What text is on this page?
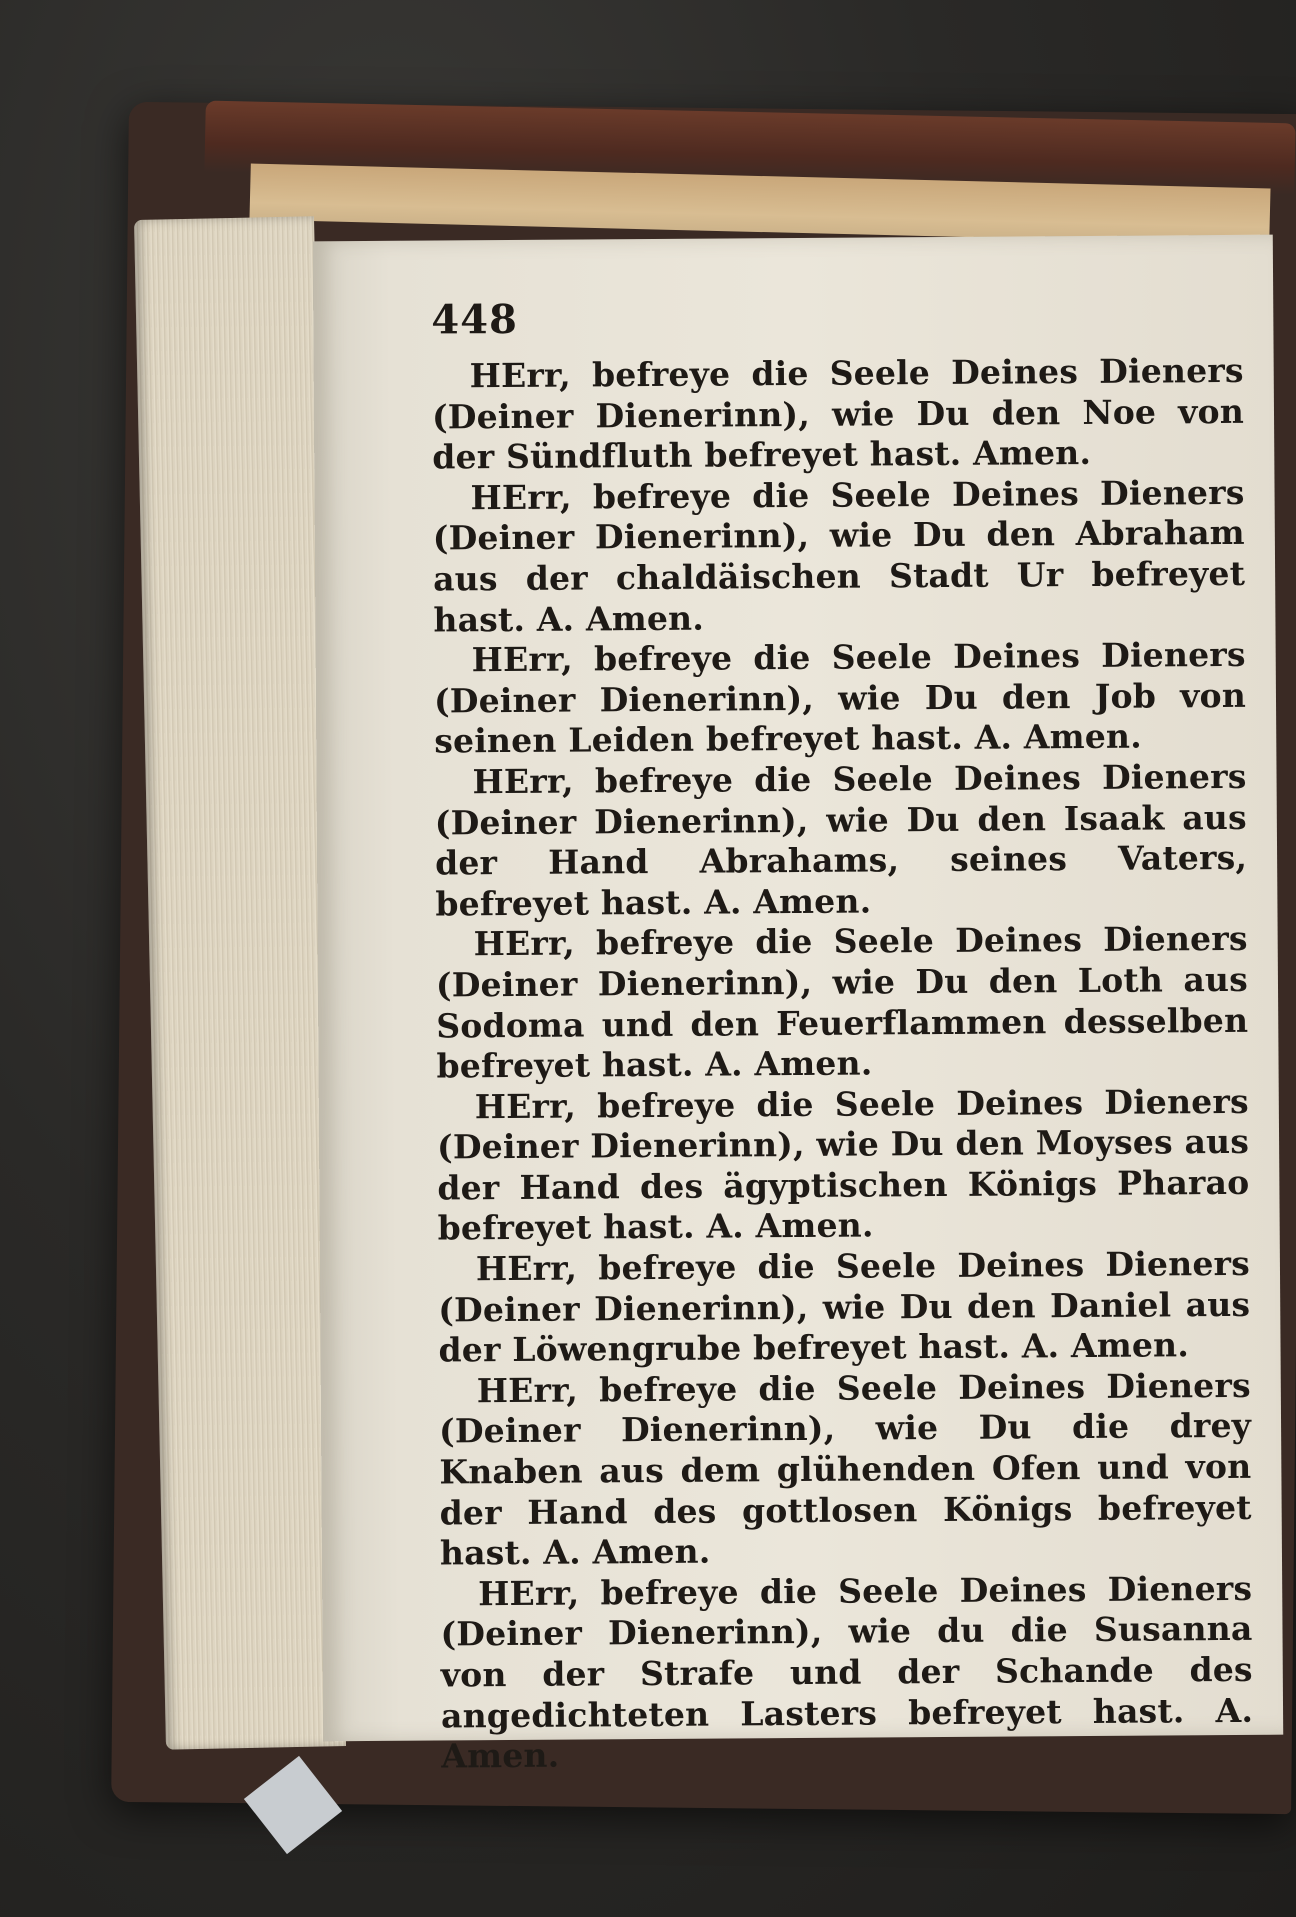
448

HErr, befreye die Seele Deines Dieners (Deiner Dienerinn), wie Du den Noe von der Sündfluth befreyet hast. Amen.

HErr, befreye die Seele Deines Dieners (Deiner Dienerinn), wie Du den Abraham aus der chaldäischen Stadt Ur befreyet hast. A. Amen.

HErr, befreye die Seele Deines Dieners (Deiner Dienerinn), wie Du den Job von seinen Leiden befreyet hast. A. Amen.

HErr, befreye die Seele Deines Dieners (Deiner Dienerinn), wie Du den Isaak aus der Hand Abrahams, seines Vaters, befreyet hast. A. Amen.

HErr, befreye die Seele Deines Dieners (Deiner Dienerinn), wie Du den Loth aus Sodoma und den Feuerflammen desselben befreyet hast. A. Amen.

HErr, befreye die Seele Deines Dieners (Deiner Dienerinn), wie Du den Moyses aus der Hand des ägyptischen Königs Pharao befreyet hast. A. Amen.

HErr, befreye die Seele Deines Dieners (Deiner Dienerinn), wie Du den Daniel aus der Löwengrube befreyet hast. A. Amen.

HErr, befreye die Seele Deines Dieners (Deiner Dienerinn), wie Du die drey Knaben aus dem glühenden Ofen und von der Hand des gottlosen Königs befreyet hast. A. Amen.

HErr, befreye die Seele Deines Dieners (Deiner Dienerinn), wie du die Susanna von der Strafe und der Schande des angedichteten Lasters befreyet hast. A. Amen.
